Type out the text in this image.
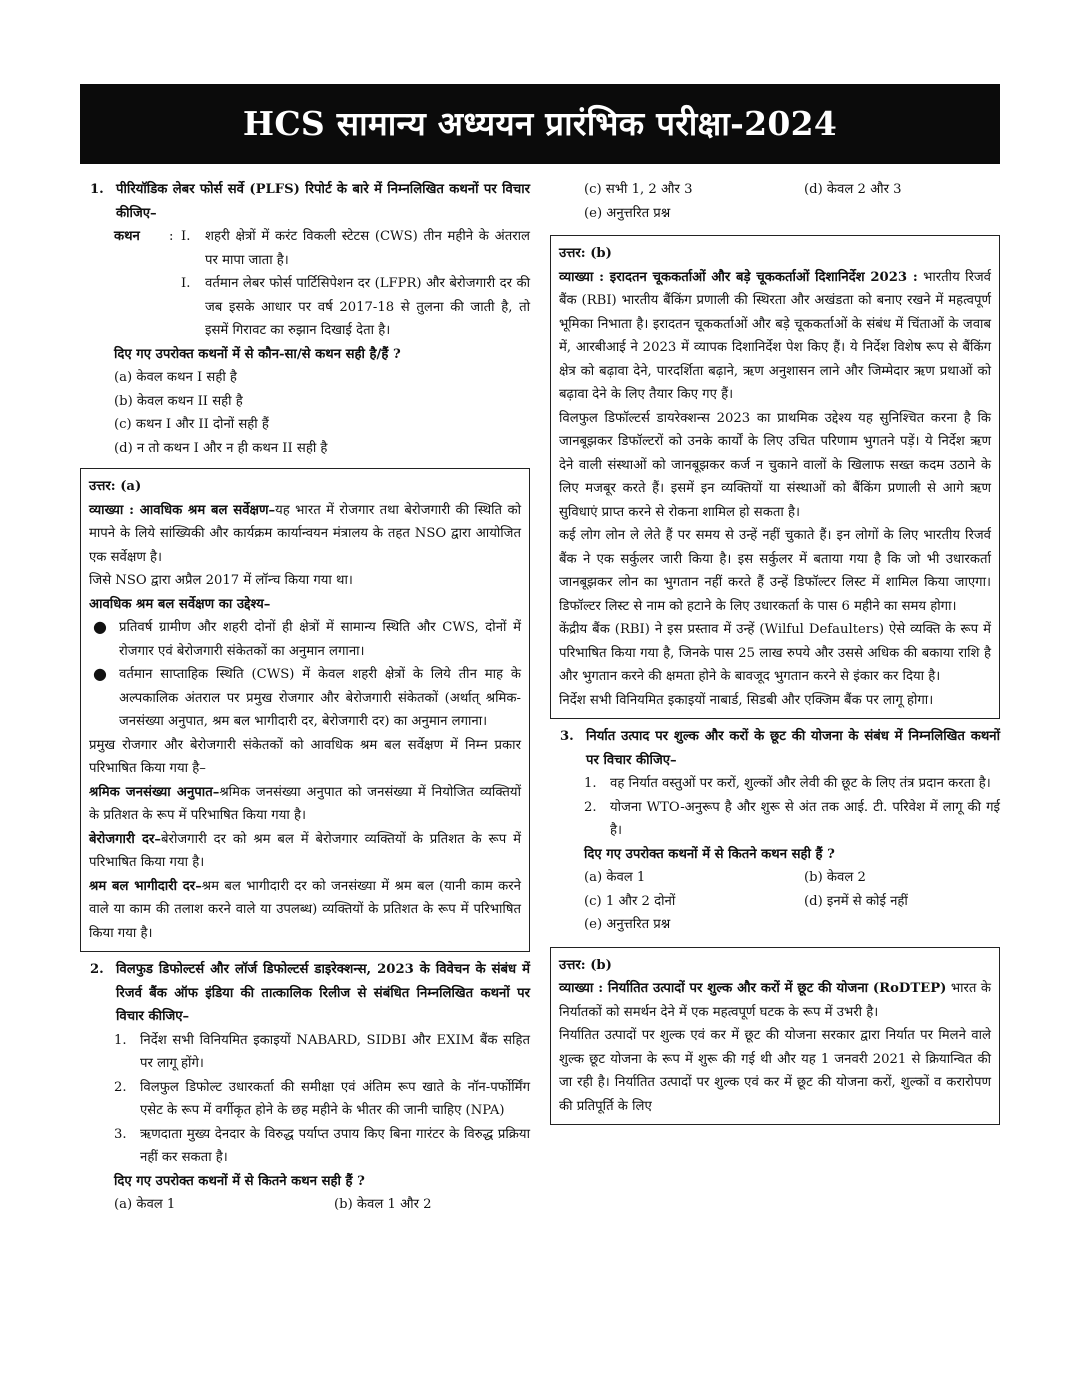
HCS सामान्य अध्ययन प्रारंभिक परीक्षा-2024
1. पीरियॉडिक लेबर फोर्स सर्वे (PLFS) रिपोर्ट के बारे में निम्नलिखित कथनों पर विचार कीजिए–
कथन	: I.	शहरी क्षेत्रों में करंट विकली स्टेटस (CWS) तीन महीने के अंतराल पर मापा जाता है।
I.	वर्तमान लेबर फोर्स पार्टिसिपेशन दर (LFPR) और बेरोजगारी दर की जब इसके आधार पर वर्ष 2017-18 से तुलना की जाती है, तो इसमें गिरावट का रुझान दिखाई देता है।

दिए गए उपरोक्त कथनों में से कौन-सा/से कथन सही है/हैं ?

(a) केवल कथन I सही है

(b) केवल कथन II सही है

(c) कथन I और II दोनों सही हैं

(d) न तो कथन I और न ही कथन II सही है

उत्तर: (a)

व्याख्या : आवधिक श्रम बल सर्वेक्षण–यह भारत में रोजगार तथा बेरोजगारी की स्थिति को मापने के लिये सांख्यिकी और कार्यक्रम कार्यान्वयन मंत्रालय के तहत NSO द्वारा आयोजित एक सर्वेक्षण है।

जिसे NSO द्वारा अप्रैल 2017 में लॉन्च किया गया था।

आवधिक श्रम बल सर्वेक्षण का उद्देश्य–

● प्रतिवर्ष ग्रामीण और शहरी दोनों ही क्षेत्रों में सामान्य स्थिति और CWS, दोनों में रोजगार एवं बेरोजगारी संकेतकों का अनुमान लगाना।
● वर्तमान साप्ताहिक स्थिति (CWS) में केवल शहरी क्षेत्रों के लिये तीन माह के अल्पकालिक अंतराल पर प्रमुख रोजगार और बेरोजगारी संकेतकों (अर्थात् श्रमिक-जनसंख्या अनुपात, श्रम बल भागीदारी दर, बेरोजगारी दर) का अनुमान लगाना।

प्रमुख रोजगार और बेरोजगारी संकेतकों को आवधिक श्रम बल सर्वेक्षण में निम्न प्रकार परिभाषित किया गया है–

श्रमिक जनसंख्या अनुपात–श्रमिक जनसंख्या अनुपात को जनसंख्या में नियोजित व्यक्तियों के प्रतिशत के रूप में परिभाषित किया गया है।

बेरोजगारी दर–बेरोजगारी दर को श्रम बल में बेरोजगार व्यक्तियों के प्रतिशत के रूप में परिभाषित किया गया है।

श्रम बल भागीदारी दर–श्रम बल भागीदारी दर को जनसंख्या में श्रम बल (यानी काम करने वाले या काम की तलाश करने वाले या उपलब्ध) व्यक्तियों के प्रतिशत के रूप में परिभाषित किया गया है।

2. विलफुड डिफोल्टर्स और लॉर्ज डिफोल्टर्स डाइरेक्शन्स, 2023 के विवेचन के संबंध में रिजर्व बैंक ऑफ इंडिया की तात्कालिक रिलीज से संबंधित निम्नलिखित कथनों पर विचार कीजिए–
1.	निर्देश सभी विनियमित इकाइयों NABARD, SIDBI और EXIM बैंक सहित पर लागू होंगे।
2.	विलफुल डिफोल्ट उधारकर्ता की समीक्षा एवं अंतिम रूप खाते के नॉन-पर्फोर्मिंग एसेट के रूप में वर्गीकृत होने के छह महीने के भीतर की जानी चाहिए (NPA)
3.	ऋणदाता मुख्य देनदार के विरुद्ध पर्याप्त उपाय किए बिना गारंटर के विरुद्ध प्रक्रिया नहीं कर सकता है।

दिए गए उपरोक्त कथनों में से कितने कथन सही हैं ?

(a) केवल 1	(b) केवल 1 और 2
(c) सभी 1, 2 और 3	(d) केवल 2 और 3

(e) अनुत्तरित प्रश्न

उत्तर: (b)

व्याख्या : इरादतन चूककर्ताओं और बड़े चूककर्ताओं दिशानिर्देश 2023 : भारतीय रिजर्व बैंक (RBI) भारतीय बैंकिंग प्रणाली की स्थिरता और अखंडता को बनाए रखने में महत्वपूर्ण भूमिका निभाता है। इरादतन चूककर्ताओं और बड़े चूककर्ताओं के संबंध में चिंताओं के जवाब में, आरबीआई ने 2023 में व्यापक दिशानिर्देश पेश किए हैं। ये निर्देश विशेष रूप से बैंकिंग क्षेत्र को बढ़ावा देने, पारदर्शिता बढ़ाने, ऋण अनुशासन लाने और जिम्मेदार ऋण प्रथाओं को बढ़ावा देने के लिए तैयार किए गए हैं।

विलफुल डिफॉल्टर्स डायरेक्शन्स 2023 का प्राथमिक उद्देश्य यह सुनिश्चित करना है कि जानबूझकर डिफॉल्टरों को उनके कार्यों के लिए उचित परिणाम भुगतने पड़ें। ये निर्देश ऋण देने वाली संस्थाओं को जानबूझकर कर्ज न चुकाने वालों के खिलाफ सख्त कदम उठाने के लिए मजबूर करते हैं। इसमें इन व्यक्तियों या संस्थाओं को बैंकिंग प्रणाली से आगे ऋण सुविधाएं प्राप्त करने से रोकना शामिल हो सकता है।

कई लोग लोन ले लेते हैं पर समय से उन्हें नहीं चुकाते हैं। इन लोगों के लिए भारतीय रिजर्व बैंक ने एक सर्कुलर जारी किया है। इस सर्कुलर में बताया गया है कि जो भी उधारकर्ता जानबूझकर लोन का भुगतान नहीं करते हैं उन्हें डिफॉल्टर लिस्ट में शामिल किया जाएगा। डिफॉल्टर लिस्ट से नाम को हटाने के लिए उधारकर्ता के पास 6 महीने का समय होगा।

केंद्रीय बैंक (RBI) ने इस प्रस्ताव में उन्हें (Wilful Defaulters) ऐसे व्यक्ति के रूप में परिभाषित किया गया है, जिनके पास 25 लाख रुपये और उससे अधिक की बकाया राशि है और भुगतान करने की क्षमता होने के बावजूद भुगतान करने से इंकार कर दिया है।

निर्देश सभी विनियमित इकाइयों नाबार्ड, सिडबी और एक्जिम बैंक पर लागू होगा।

3. निर्यात उत्पाद पर शुल्क और करों के छूट की योजना के संबंध में निम्नलिखित कथनों पर विचार कीजिए–
1.	वह निर्यात वस्तुओं पर करों, शुल्कों और लेवी की छूट के लिए तंत्र प्रदान करता है।
2.	योजना WTO-अनुरूप है और शुरू से अंत तक आई. टी. परिवेश में लागू की गई है।

दिए गए उपरोक्त कथनों में से कितने कथन सही हैं ?

(a) केवल 1	(b) केवल 2
(c) 1 और 2 दोनों	(d) इनमें से कोई नहीं

(e) अनुत्तरित प्रश्न

उत्तर: (b)

व्याख्या : निर्यातित उत्पादों पर शुल्क और करों में छूट की योजना (RoDTEP) भारत के निर्यातकों को समर्थन देने में एक महत्वपूर्ण घटक के रूप में उभरी है।

निर्यातित उत्पादों पर शुल्क एवं कर में छूट की योजना सरकार द्वारा निर्यात पर मिलने वाले शुल्क छूट योजना के रूप में शुरू की गई थी और यह 1 जनवरी 2021 से क्रियान्वित की जा रही है। निर्यातित उत्पादों पर शुल्क एवं कर में छूट की योजना करों, शुल्कों व करारोपण की प्रतिपूर्ति के लिए
